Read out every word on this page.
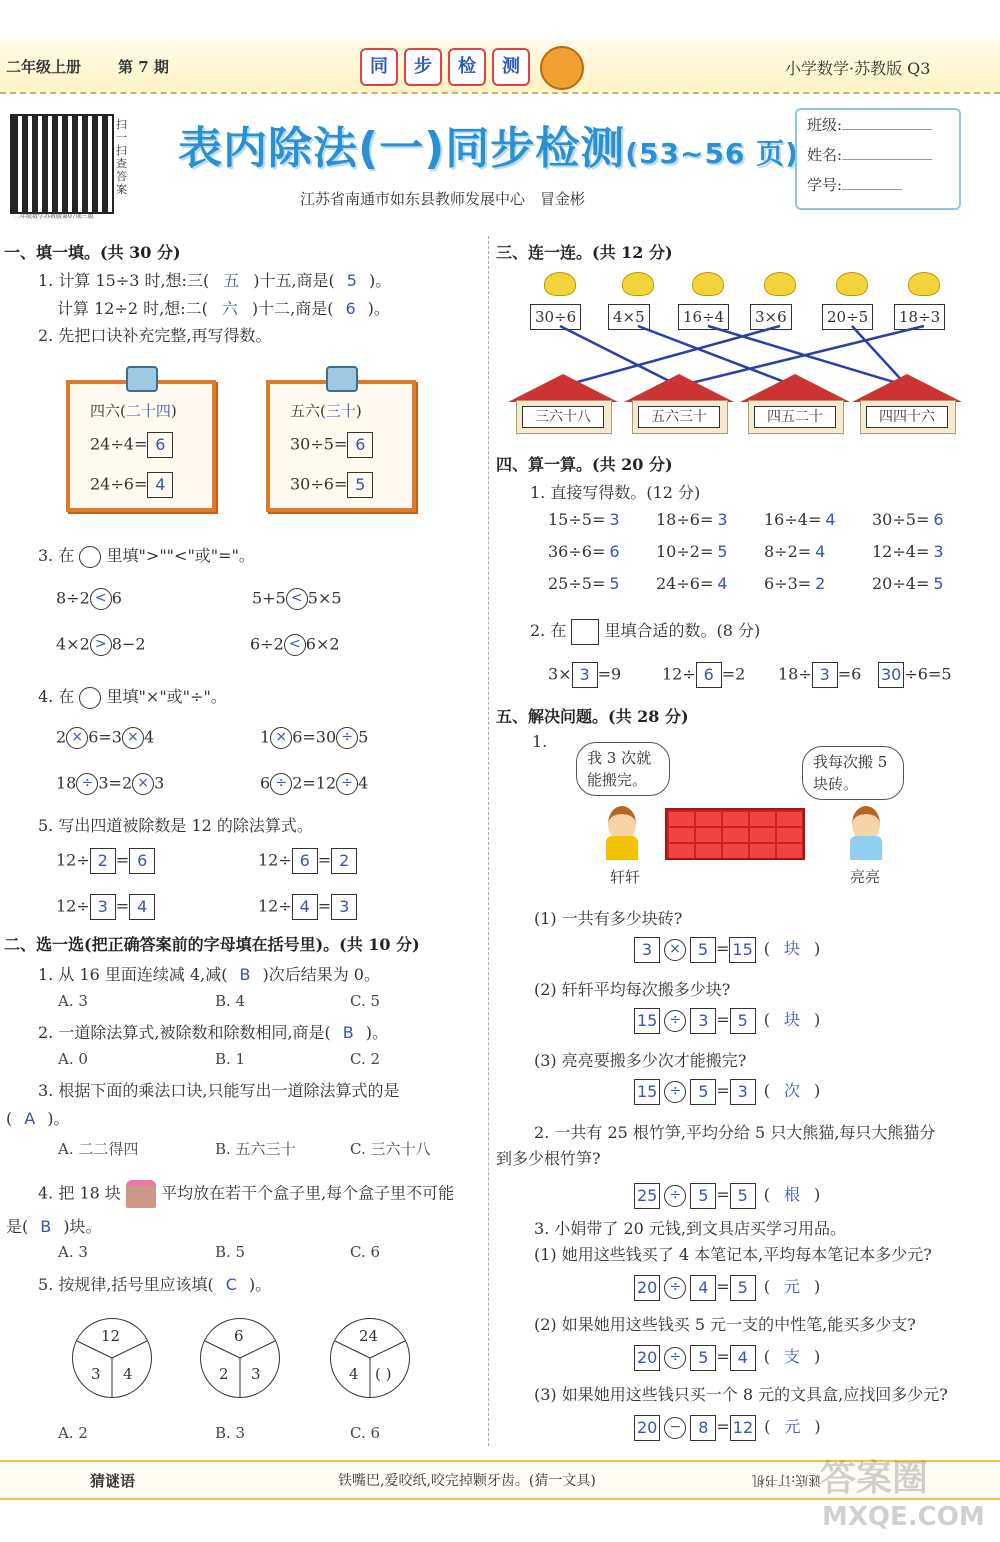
二年级上册 第 7 期	同 步 检 测	小学数学·苏教版 Q3
扫一扫查答案
二年级数学苏教版第07期三版
表内除法(一)同步检测(53~56 页)
江苏省南通市如东县教师发展中心　冒金彬
班级:
姓名:
学号:
一、填一填。(共 30 分)
1. 计算 15÷3 时,想:三( 五 )十五,商是( 5 )。
计算 12÷2 时,想:二( 六 )十二,商是( 6 )。
2. 先把口诀补充完整,再写得数。
四六(二十四)
24÷4= 6
24÷6= 4
五六(三十)
30÷5= 6
30÷6= 5
3. 在 里填">""<"或"="。
8÷2 < 6	5+5 < 5×5
4×2 > 8−2	6÷2 < 6×2
4. 在 里填"×"或"÷"。
2 × 6=3 × 4	1 × 6=30 ÷ 5
18 ÷ 3=2 × 3	6 ÷ 2=12 ÷ 4
5. 写出四道被除数是 12 的除法算式。
12÷ 2 = 6	12÷ 6 = 2
12÷ 3 = 4	12÷ 4 = 3
二、选一选(把正确答案前的字母填在括号里)。(共 10 分)
1. 从 16 里面连续减 4,减( B )次后结果为 0。
A. 3	B. 4	C. 5
2. 一道除法算式,被除数和除数相同,商是( B )。
A. 0	B. 1	C. 2
3. 根据下面的乘法口诀,只能写出一道除法算式的是
( A )。
A. 二二得四	B. 五六三十	C. 三六十八
4. 把 18 块	平均放在若干个盒子里,每个盒子里不可能
是( B )块。
A. 3	B. 5	C. 6
5. 按规律,括号里应该填( C )。
12
3 4
6
2 3
24
4 ( )
A. 2	B. 3	C. 6
三、连一连。(共 12 分)
30÷6	4×5	16÷4	3×6	20÷5	18÷3
三六十八	五六三十	四五二十	四四十六
四、算一算。(共 20 分)
1. 直接写得数。(12 分)
15÷5= 3 18÷6= 3 16÷4= 4 30÷5= 6
36÷6= 6 10÷2= 5 8÷2= 4	12÷4= 3
25÷5= 5 24÷6= 4 6÷3= 2	20÷4= 5
2. 在 里填合适的数。(8 分)
3× 3 =9	12÷ 6 =2 18÷ 3 =6 30 ÷6=5
五、解决问题。(共 28 分)
1.
我 3 次就能搬完。
我每次搬 5 块砖。
轩轩	亮亮
(1) 一共有多少块砖?
3 × 5 = 15 ( 块 )
(2) 轩轩平均每次搬多少块?
15 ÷ 3 = 5 ( 块 )
(3) 亮亮要搬多少次才能搬完?
15 ÷ 5 = 3 ( 次 )
2. 一共有 25 根竹笋,平均分给 5 只大熊猫,每只大熊猫分
到多少根竹笋?
25 ÷ 5 = 5 ( 根 )
3. 小娟带了 20 元钱,到文具店买学习用品。
(1) 她用这些钱买了 4 本笔记本,平均每本笔记本多少元?
20 ÷ 4 = 5 ( 元 )
(2) 如果她用这些钱买 5 元一支的中性笔,能买多少支?
20 ÷ 5 = 4 ( 支 )
(3) 如果她用这些钱只买一个 8 元的文具盒,应找回多少元?
20 − 8 = 12 ( 元 )
猜谜语	铁嘴巴,爱咬纸,咬完掉颗牙齿。(猜一文具)	谜底:订书机
答案圈
MXQE.COM
